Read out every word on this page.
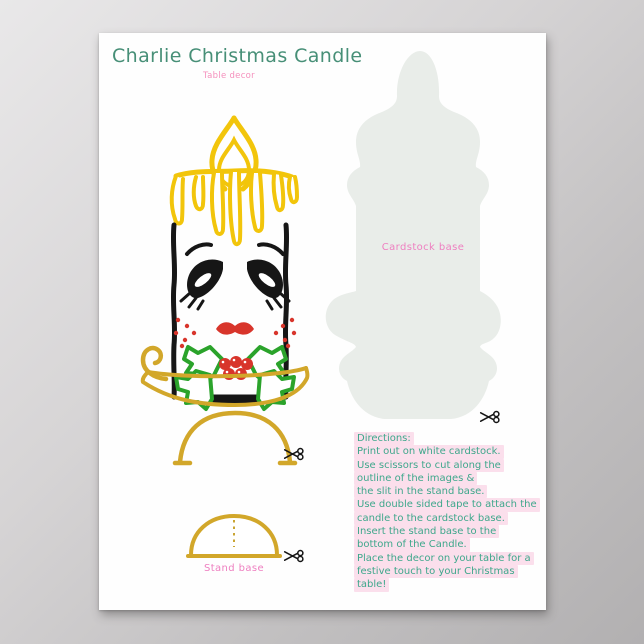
Charlie Christmas Candle
Table decor
Cardstock base
Stand base
Directions:
Print out on white cardstock.
Use scissors to cut along the
outline of the images &
the slit in the stand base.
Use double sided tape to attach the
candle to the cardstock base.
Insert the stand base to the
bottom of the Candle.
Place the decor on your table for a
festive touch to your Christmas
table!
